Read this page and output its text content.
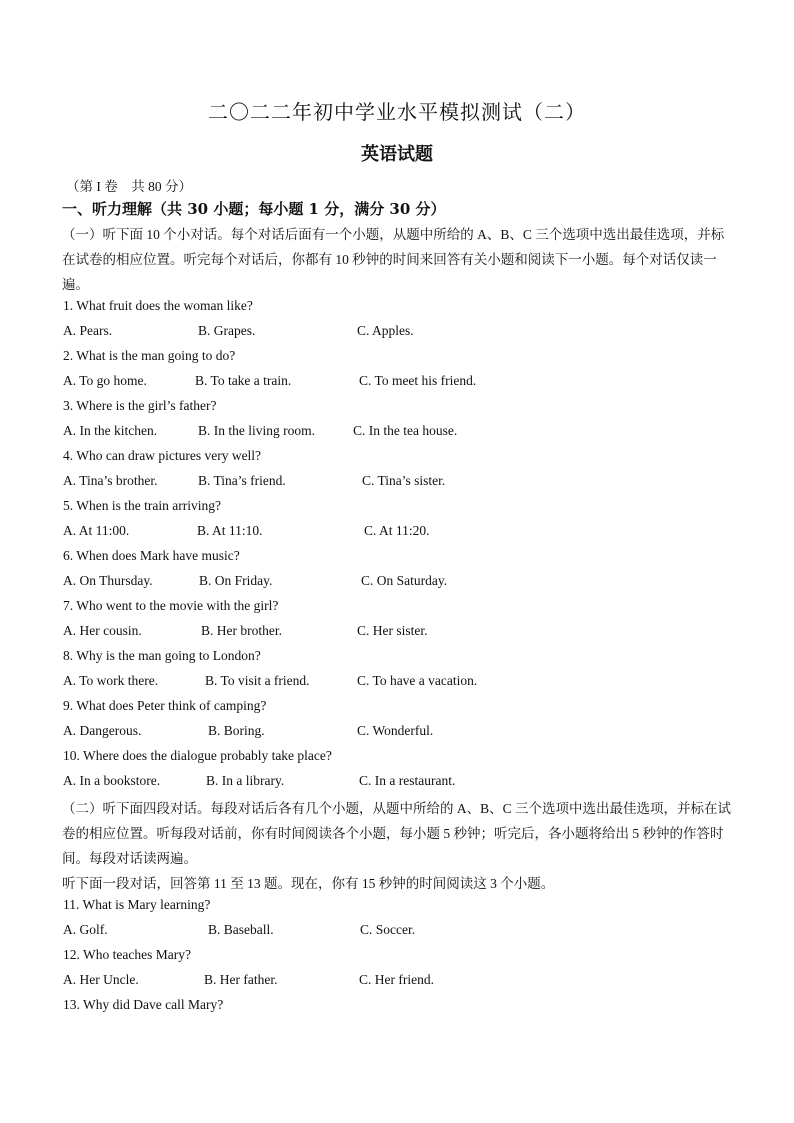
二〇二二年初中学业水平模拟测试（二）
英语试题
（第 I 卷　共 80 分）
一、听力理解（共 30 小题；每小题 1 分，满分 30 分）
（一）听下面 10 个小对话。每个对话后面有一个小题，从题中所给的 A、B、C 三个选项中选出最佳选项，并标在试卷的相应位置。听完每个对话后，你都有 10 秒钟的时间来回答有关小题和阅读下一小题。每个对话仅读一遍。
1. What fruit does the woman like?
A. Pears.	B. Grapes.	C. Apples.
2. What is the man going to do?
A. To go home.	B. To take a train.	C. To meet his friend.
3. Where is the girl’s father?
A. In the kitchen.	B. In the living room.	C. In the tea house.
4. Who can draw pictures very well?
A. Tina’s brother.	B. Tina’s friend.	C. Tina’s sister.
5. When is the train arriving?
A. At 11:00.	B. At 11:10.	C. At 11:20.
6. When does Mark have music?
A. On Thursday.	B. On Friday.	C. On Saturday.
7. Who went to the movie with the girl?
A. Her cousin.	B. Her brother.	C. Her sister.
8. Why is the man going to London?
A. To work there.	B. To visit a friend.	C. To have a vacation.
9. What does Peter think of camping?
A. Dangerous.	B. Boring.	C. Wonderful.
10. Where does the dialogue probably take place?
A. In a bookstore.	B. In a library.	C. In a restaurant.
（二）听下面四段对话。每段对话后各有几个小题，从题中所给的 A、B、C 三个选项中选出最佳选项，并标在试卷的相应位置。听每段对话前，你有时间阅读各个小题，每小题 5 秒钟；听完后，各小题将给出 5 秒钟的作答时间。每段对话读两遍。
听下面一段对话，回答第 11 至 13 题。现在，你有 15 秒钟的时间阅读这 3 个小题。
11. What is Mary learning?
A. Golf.	B. Baseball.	C. Soccer.
12. Who teaches Mary?
A. Her Uncle.	B. Her father.	C. Her friend.
13. Why did Dave call Mary?
